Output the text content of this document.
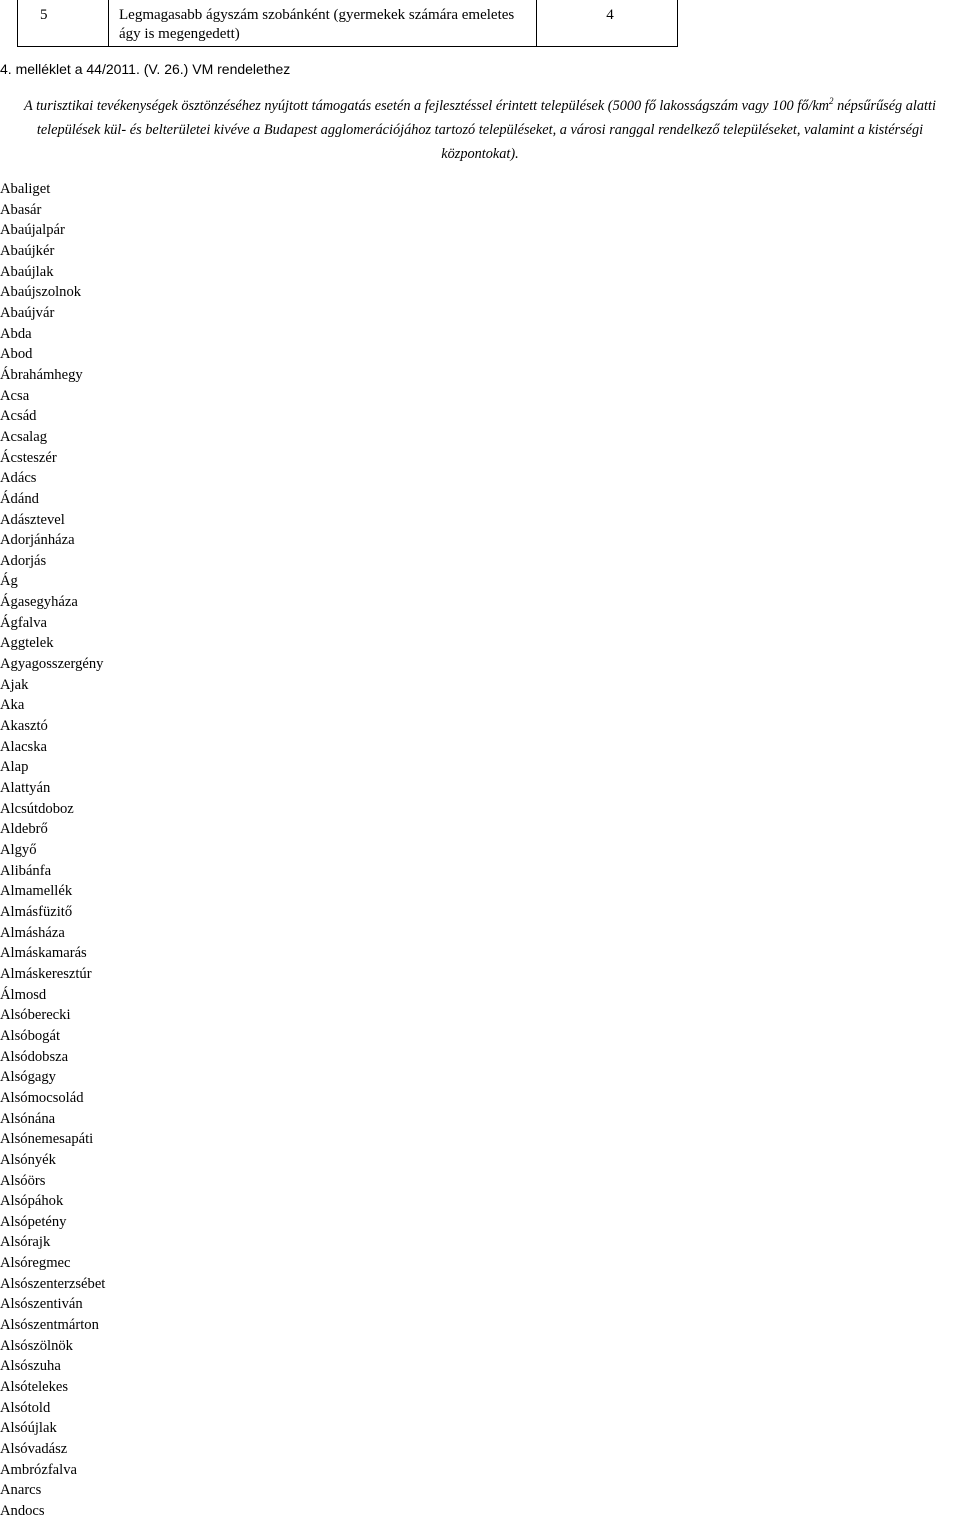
5	Legmagasabb ágyszám szobánként (gyermekek számára emeletes ágy is megengedett)	4
4. melléklet a 44/2011. (V. 26.) VM rendelethez
A turisztikai tevékenységek ösztönzéséhez nyújtott támogatás esetén a fejlesztéssel érintett települések (5000 fő lakosságszám vagy 100 $fő/km^2$ népsűrűség alatti települések kül- és belterületei kivéve a Budapest agglomerációjához tartozó településeket, a városi ranggal rendelkező településeket, valamint a kistérségi központokat).
Abaliget
Abasár
Abaújalpár
Abaújkér
Abaújlak
Abaújszolnok
Abaújvár
Abda
Abod
Ábrahámhegy
Acsa
Acsád
Acsalag
Ácsteszér
Adács
Ádánd
Adásztevel
Adorjánháza
Adorjás
Ág
Ágasegyháza
Ágfalva
Aggtelek
Agyagosszergény
Ajak
Aka
Akasztó
Alacska
Alap
Alattyán
Alcsútdoboz
Aldebrő
Algyő
Alibánfa
Almamellék
Almásfüzitő
Almásháza
Almáskamarás
Almáskeresztúr
Álmosd
Alsóberecki
Alsóbogát
Alsódobsza
Alsógagy
Alsómocsolád
Alsónána
Alsónemesapáti
Alsónyék
Alsóörs
Alsópáhok
Alsópetény
Alsórajk
Alsóregmec
Alsószenterzsébet
Alsószentiván
Alsószentmárton
Alsószölnök
Alsószuha
Alsótelekes
Alsótold
Alsóújlak
Alsóvadász
Ambrózfalva
Anarcs
Andocs
